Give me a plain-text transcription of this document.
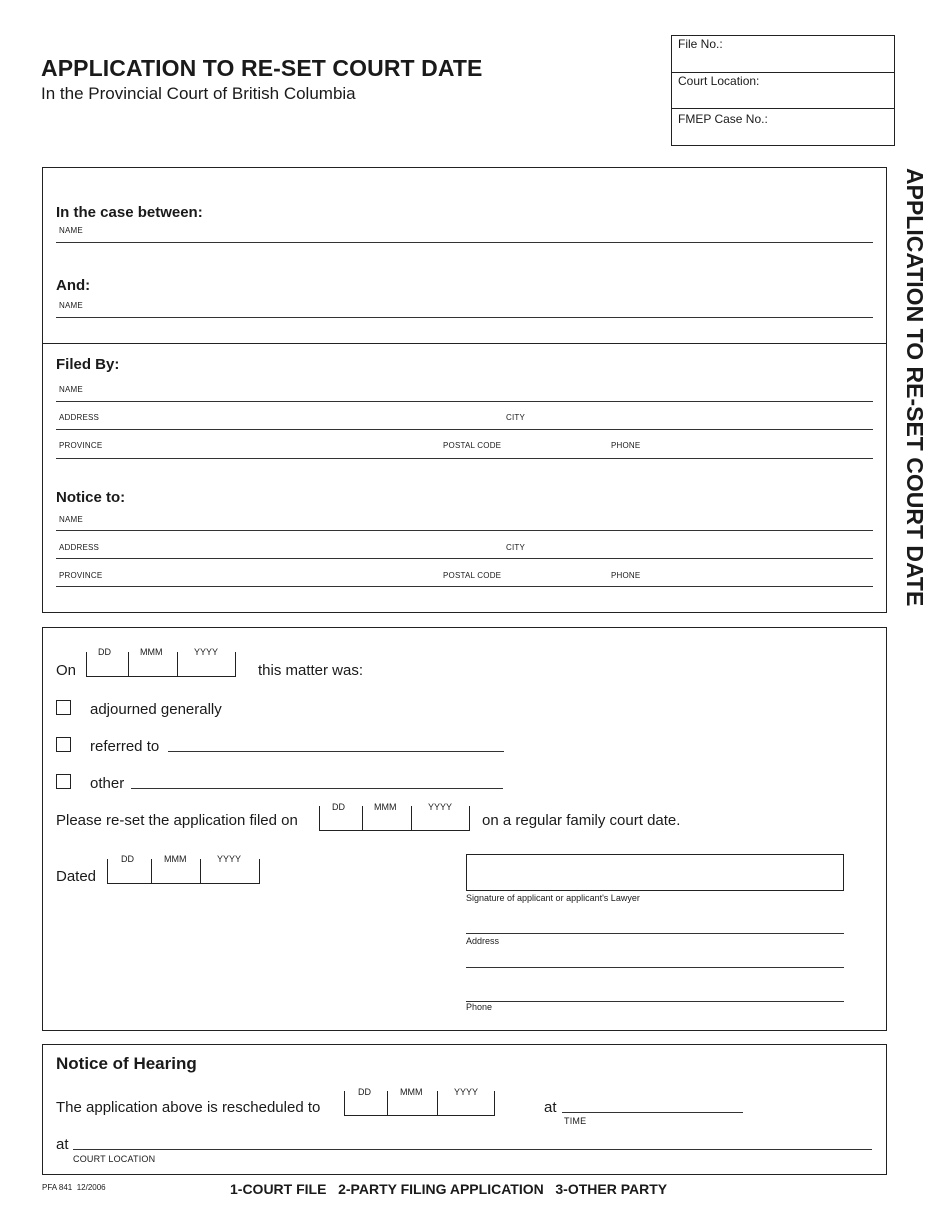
APPLICATION TO RE-SET COURT DATE
In the Provincial Court of British Columbia
File No.:
Court Location:
FMEP Case No.:
APPLICATION TO RE-SET COURT DATE
In the case between:
NAME
And:
NAME
Filed By:
NAME
ADDRESS	CITY
PROVINCE	POSTAL CODE	PHONE
Notice to:
NAME
ADDRESS	CITY
PROVINCE	POSTAL CODE	PHONE
On
DD	MMM	YYYY
this matter was:
adjourned generally
referred to
other
Please re-set the application filed on
DD	MMM	YYYY
on a regular family court date.
Dated
DD	MMM	YYYY
Signature of applicant or applicant's Lawyer
Address
Phone
Notice of Hearing
The application above is rescheduled to
DD	MMM	YYYY
at
TIME
at
COURT LOCATION
PFA 841  12/2006	1-COURT FILE   2-PARTY FILING APPLICATION   3-OTHER PARTY
